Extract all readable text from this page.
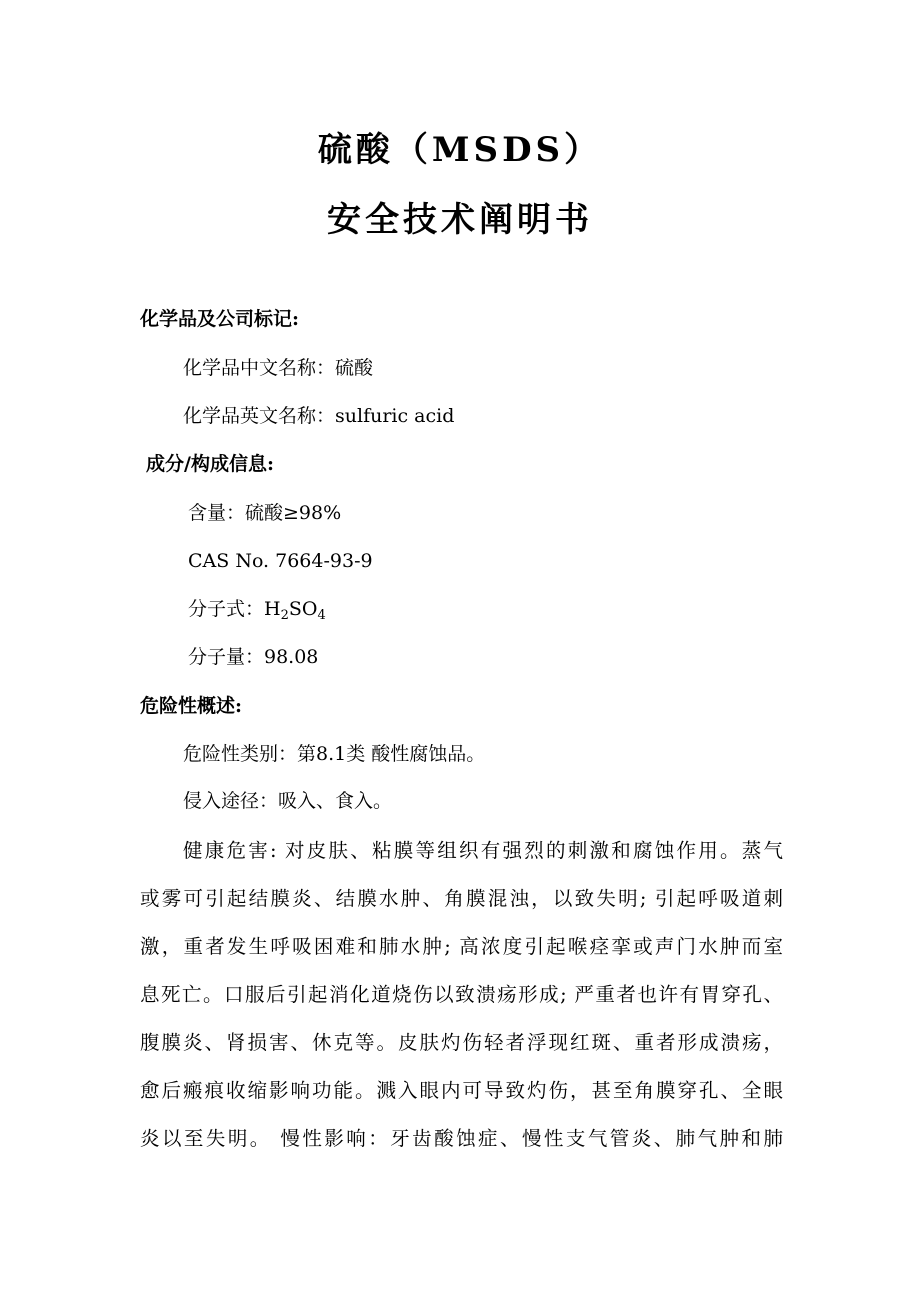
硫酸（MSDS）
安全技术阐明书
化学品及公司标记:
化学品中文名称：硫酸
化学品英文名称：sulfuric acid
成分/构成信息:
含量：硫酸≥98%
CAS No. 7664-93-9
分子式：$H_2SO_4$
分子量：98.08
危险性概述:
危险性类别：第8.1类 酸性腐蚀品。
侵入途径：吸入、食入。
健康危害: 对皮肤、粘膜等组织有强烈的刺激和腐蚀作用。蒸气
或雾可引起结膜炎、结膜水肿、角膜混浊，以致失明; 引起呼吸道刺
激，重者发生呼吸困难和肺水肿; 高浓度引起喉痉挛或声门水肿而室
息死亡。口服后引起消化道烧伤以致溃疡形成; 严重者也许有胃穿孔、
腹膜炎、肾损害、休克等。皮肤灼伤轻者浮现红斑、重者形成溃疡，
愈后瘢痕收缩影响功能。溅入眼内可导致灼伤，甚至角膜穿孔、全眼
炎以至失明。 慢性影响：牙齿酸蚀症、慢性支气管炎、肺气肿和肺
